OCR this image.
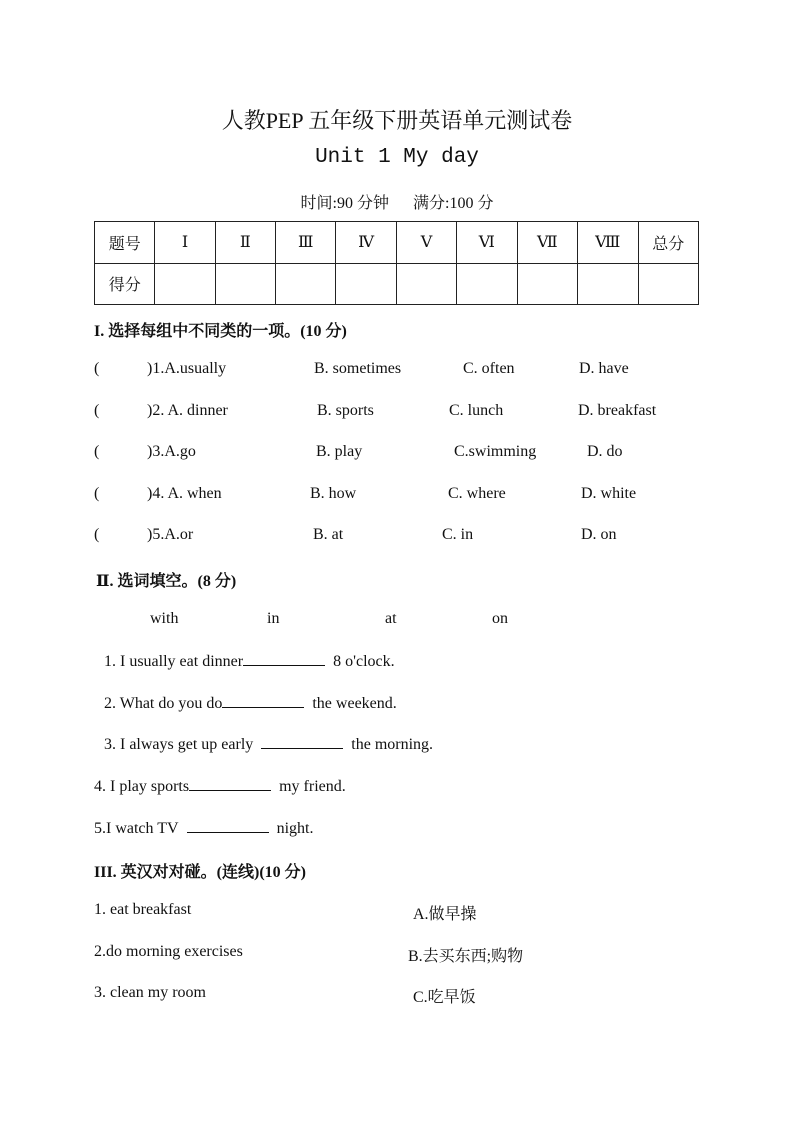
人教PEP 五年级下册英语单元测试卷
Unit 1 My day
时间:90 分钟 满分:100 分
题号	Ⅰ	Ⅱ	Ⅲ	Ⅳ	Ⅴ	Ⅵ	Ⅶ	Ⅷ	总分
得分									
I. 选择每组中不同类的一项。(10 分)
(	)1.A.usually	B. sometimes	C. often	D. have
(	)2. A. dinner	B. sports	C. lunch	D. breakfast
(	)3.A.go	B. play	C.swimming	D. do
(	)4. A. when	B. how	C. where	D. white
(	)5.A.or	B. at	C. in	D. on
Ⅱ. 选词填空。(8 分)
with	in	at	on
1. I usually eat dinner	8 o'clock.
2. What do you do	the weekend.
3. I always get up early	the morning.
4. I play sports	my friend.
5.I watch TV	night.
III. 英汉对对碰。(连线)(10 分)
1. eat breakfast	A.做早操
2.do morning exercises	B.去买东西;购物
3. clean my room	C.吃早饭
